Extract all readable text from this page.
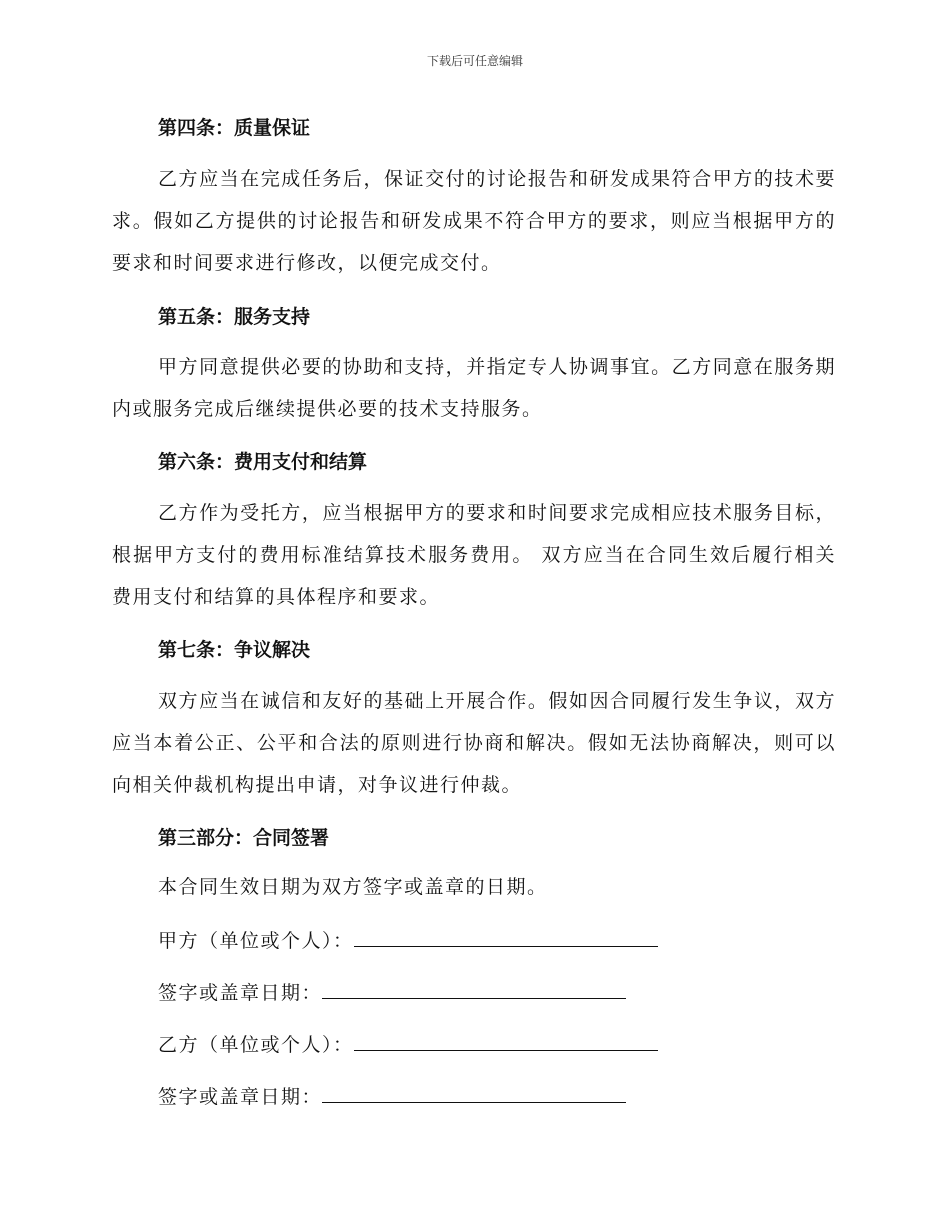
下载后可任意编辑
第四条：质量保证

乙方应当在完成任务后，保证交付的讨论报告和研发成果符合甲方的技术要求。假如乙方提供的讨论报告和研发成果不符合甲方的要求，则应当根据甲方的要求和时间要求进行修改，以便完成交付。

第五条：服务支持

甲方同意提供必要的协助和支持，并指定专人协调事宜。乙方同意在服务期内或服务完成后继续提供必要的技术支持服务。

第六条：费用支付和结算

乙方作为受托方，应当根据甲方的要求和时间要求完成相应技术服务目标，根据甲方支付的费用标准结算技术服务费用。 双方应当在合同生效后履行相关费用支付和结算的具体程序和要求。

第七条：争议解决

双方应当在诚信和友好的基础上开展合作。假如因合同履行发生争议，双方应当本着公正、公平和合法的原则进行协商和解决。假如无法协商解决，则可以向相关仲裁机构提出申请，对争议进行仲裁。

第三部分：合同签署

本合同生效日期为双方签字或盖章的日期。

甲方（单位或个人）：
签字或盖章日期：
乙方（单位或个人）：
签字或盖章日期：
